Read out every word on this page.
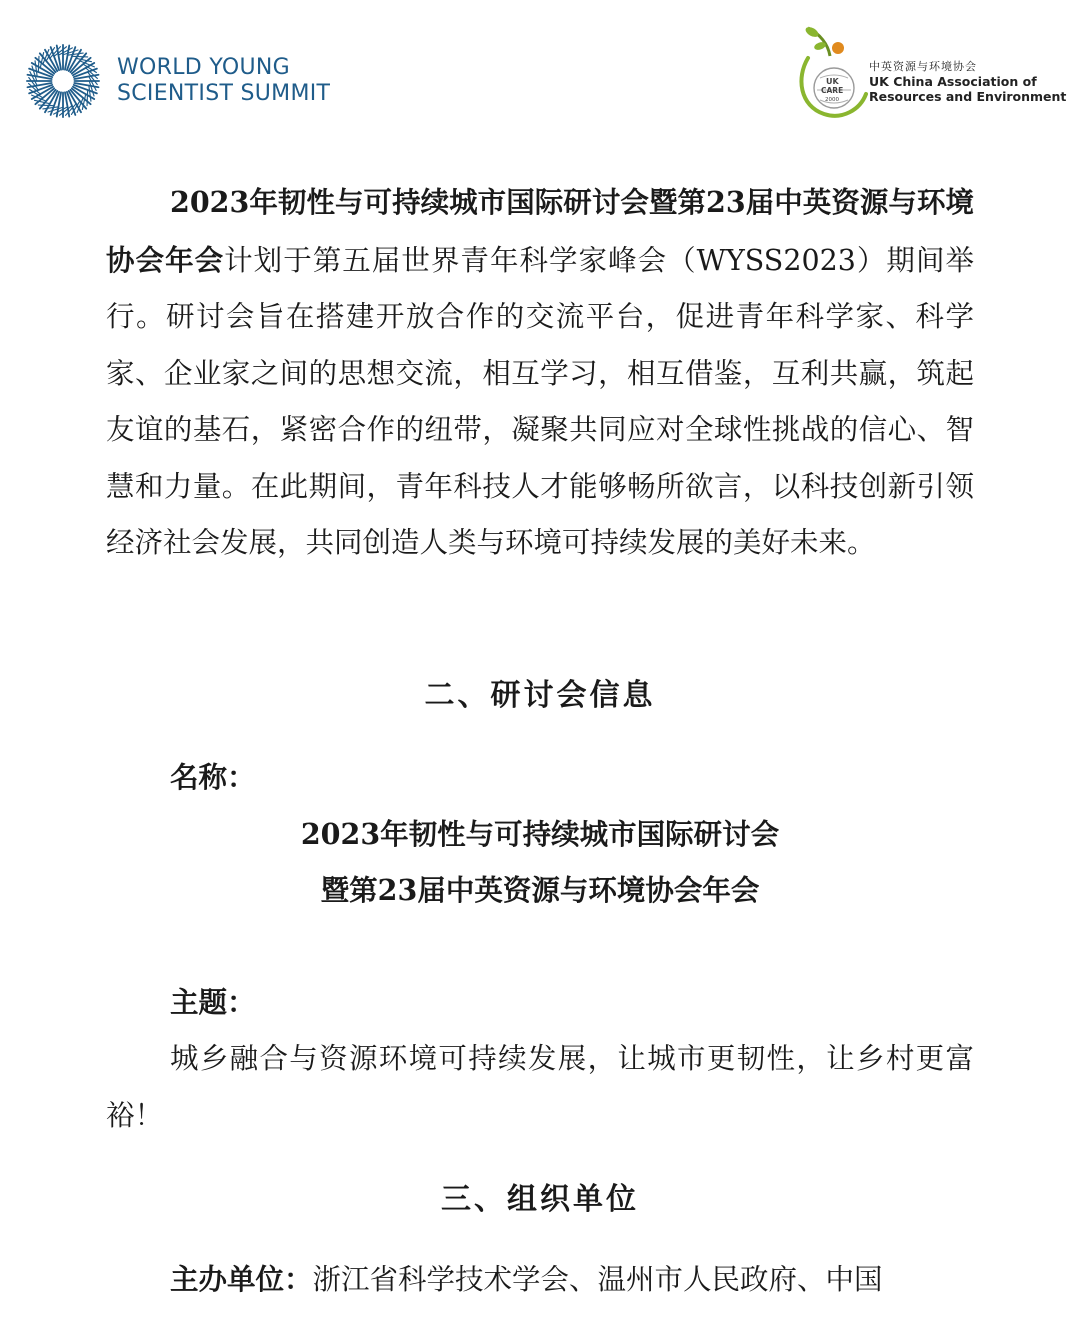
WORLD YOUNG
SCIENTIST SUMMIT	UK
CARE
2000
中英资源与环境协会
UK China Association of
Resources and Environment

2023年韧性与可持续城市国际研讨会暨第23届中英资源与环境协会年会计划于第五届世界青年科学家峰会（WYSS2023）期间举行。研讨会旨在搭建开放合作的交流平台，促进青年科学家、科学家、企业家之间的思想交流，相互学习，相互借鉴，互利共赢，筑起友谊的基石，紧密合作的纽带，凝聚共同应对全球性挑战的信心、智慧和力量。在此期间，青年科技人才能够畅所欲言，以科技创新引领经济社会发展，共同创造人类与环境可持续发展的美好未来。

二、研讨会信息
名称：
2023年韧性与可持续城市国际研讨会
暨第23届中英资源与环境协会年会
主题：

城乡融合与资源环境可持续发展，让城市更韧性，让乡村更富裕！

三、组织单位
主办单位：浙江省科学技术学会、温州市人民政府、中国
